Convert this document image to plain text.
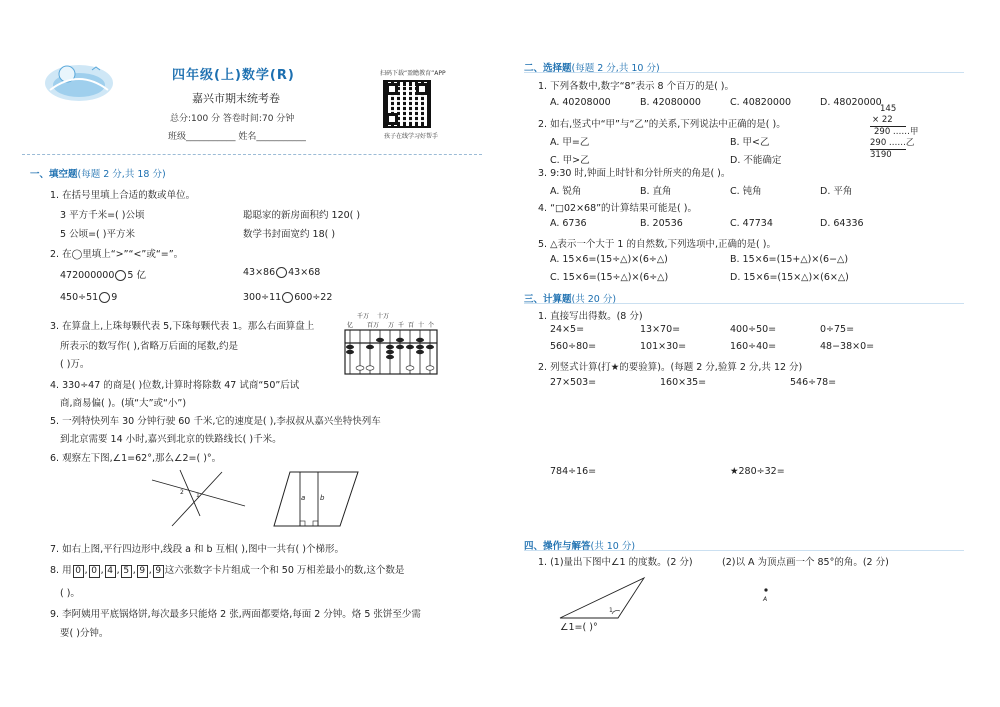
四年级(上)数学(R)
嘉兴市期末统考卷
总分:100 分 答卷时间:70 分钟
班级___________ 姓名___________
扫码下载“盈瞻教育”APP
孩子在线学习好帮手
一、填空题(每题 2 分,共 18 分)
1. 在括号里填上合适的数或单位。
3 平方千米=( )公顷	聪聪家的新房面积约 120( )
5 公顷=( )平方米	数学书封面宽约 18( )
2. 在◯里填上“>”“<”或“=”。
472000000 5 亿	43×86 43×68
450÷51 9	300÷11 600÷22
3. 在算盘上,上珠每颗代表 5,下珠每颗代表 1。那么右面算盘上
所表示的数写作( ),省略万后面的尾数,约是
( )万。
亿
千万
百万
十万
万 千 百 十 个
4. 330÷47 的商是( )位数,计算时将除数 47 试商“50”后试
商,商易偏( )。(填“大”或“小”)
5. 一列特快列车 30 分钟行驶 60 千米,它的速度是( ),李叔叔从嘉兴坐特快列车
到北京需要 14 小时,嘉兴到北京的铁路线长( )千米。
6. 观察左下图,∠1=62°,那么∠2=( )°。
2 1	a b
7. 如右上图,平行四边形中,线段 a 和 b 互相( ),图中一共有( )个梯形。
8. 用 0 , 0 , 4 , 5 , 9 , 9 这六张数字卡片组成一个和 50 万相差最小的数,这个数是
( )。
9. 李阿姨用平底锅烙饼,每次最多只能烙 2 张,两面都要烙,每面 2 分钟。烙 5 张饼至少需
要( )分钟。
二、选择题(每题 2 分,共 10 分)
1. 下列各数中,数字“8”表示 8 个百万的是( )。
A. 40208000	B. 42080000	C. 40820000	D. 48020000
2. 如右,竖式中“甲”与“乙”的关系,下列说法中正确的是( )。
A. 甲=乙	B. 甲<乙
C. 甲>乙	D. 不能确定
145
× 22
290 ……甲
290 ……乙
3190
3. 9:30 时,钟面上时针和分针所夹的角是( )。
A. 锐角	B. 直角	C. 钝角	D. 平角
4. “□02×68”的计算结果可能是( )。
A. 6736	B. 20536	C. 47734	D. 64336
5. △表示一个大于 1 的自然数,下列选项中,正确的是( )。
A. 15×6=(15÷△)×(6÷△)	B. 15×6=(15+△)×(6−△)
C. 15×6=(15÷△)×(6÷△)	D. 15×6=(15×△)×(6×△)
三、计算题(共 20 分)
1. 直接写出得数。(8 分)
24×5=	13×70=	400÷50=	0÷75=
560÷80=	101×30=	160÷40=	48−38×0=
2. 列竖式计算(打★的要验算)。(每题 2 分,验算 2 分,共 12 分)
27×503=	160×35=	546÷78=
784÷16=	★280÷32=
四、操作与解答(共 10 分)
1. (1)量出下图中∠1 的度数。(2 分)	(2)以 A 为顶点画一个 85°的角。(2 分)
1
∠1=( )°
A
